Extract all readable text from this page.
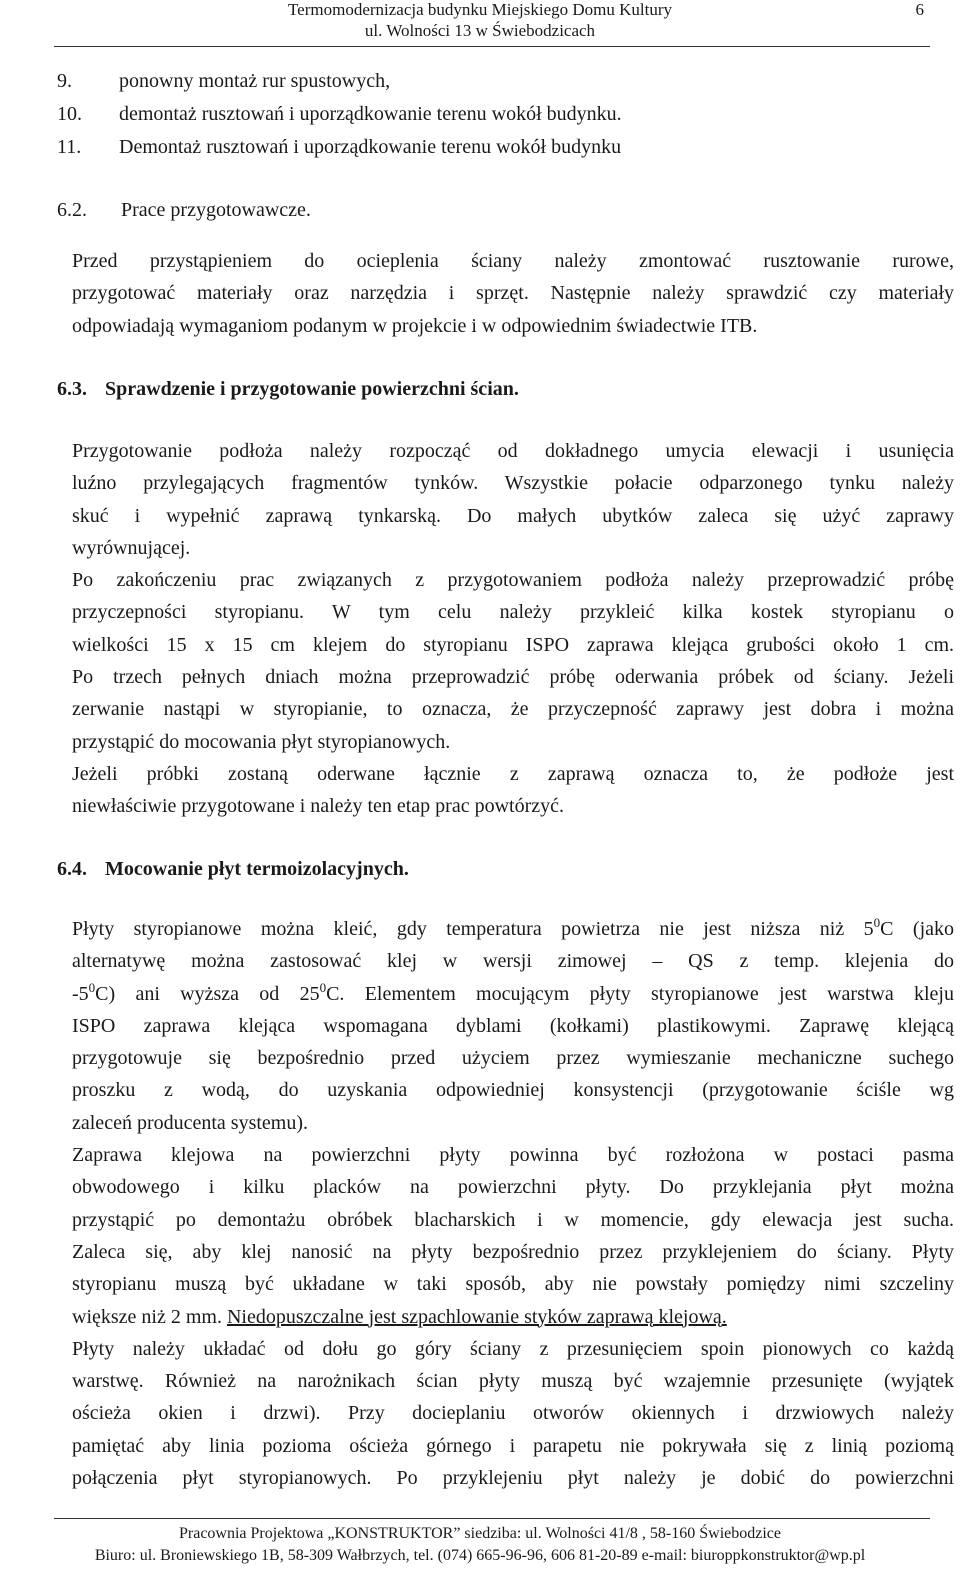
Termomodernizacja budynku Miejskiego Domu Kultury
ul. Wolności 13 w Świebodzicach
6
9. ponowny montaż rur spustowych,
10. demontaż rusztowań i uporządkowanie terenu wokół budynku.
11. Demontaż rusztowań i uporządkowanie terenu wokół budynku
6.2. Prace przygotowawcze.
Przed przystąpieniem do ocieplenia ściany należy zmontować rusztowanie rurowe,
przygotować materiały oraz narzędzia i sprzęt. Następnie należy sprawdzić czy materiały
odpowiadają wymaganiom podanym w projekcie i w odpowiednim świadectwie ITB.
6.3. Sprawdzenie i przygotowanie powierzchni ścian.
Przygotowanie podłoża należy rozpocząć od dokładnego umycia elewacji i usunięcia
luźno przylegających fragmentów tynków. Wszystkie połacie odparzonego tynku należy
skuć i wypełnić zaprawą tynkarską. Do małych ubytków zaleca się użyć zaprawy
wyrównującej.
Po zakończeniu prac związanych z przygotowaniem podłoża należy przeprowadzić próbę
przyczepności styropianu. W tym celu należy przykleić kilka kostek styropianu o
wielkości 15 x 15 cm klejem do styropianu ISPO zaprawa klejąca grubości około 1 cm.
Po trzech pełnych dniach można przeprowadzić próbę oderwania próbek od ściany. Jeżeli
zerwanie nastąpi w styropianie, to oznacza, że przyczepność zaprawy jest dobra i można
przystąpić do mocowania płyt styropianowych.
Jeżeli próbki zostaną oderwane łącznie z zaprawą oznacza to, że podłoże jest
niewłaściwie przygotowane i należy ten etap prac powtórzyć.
6.4. Mocowanie płyt termoizolacyjnych.
Płyty styropianowe można kleić, gdy temperatura powietrza nie jest niższa niż $5^0C$ (jako
alternatywę można zastosować klej w wersji zimowej – QS z temp. klejenia do
$-5^0C$) ani wyższa od $25^0C$. Elementem mocującym płyty styropianowe jest warstwa kleju
ISPO zaprawa klejąca wspomagana dyblami (kołkami) plastikowymi. Zaprawę klejącą
przygotowuje się bezpośrednio przed użyciem przez wymieszanie mechaniczne suchego
proszku z wodą, do uzyskania odpowiedniej konsystencji (przygotowanie ściśle wg
zaleceń producenta systemu).
Zaprawa klejowa na powierzchni płyty powinna być rozłożona w postaci pasma
obwodowego i kilku placków na powierzchni płyty. Do przyklejania płyt można
przystąpić po demontażu obróbek blacharskich i w momencie, gdy elewacja jest sucha.
Zaleca się, aby klej nanosić na płyty bezpośrednio przez przyklejeniem do ściany. Płyty
styropianu muszą być układane w taki sposób, aby nie powstały pomiędzy nimi szczeliny
większe niż 2 mm. Niedopuszczalne jest szpachlowanie styków zaprawą klejową.
Płyty należy układać od dołu go góry ściany z przesunięciem spoin pionowych co każdą
warstwę. Również na narożnikach ścian płyty muszą być wzajemnie przesunięte (wyjątek
ościeża okien i drzwi). Przy docieplaniu otworów okiennych i drzwiowych należy
pamiętać aby linia pozioma ościeża górnego i parapetu nie pokrywała się z linią poziomą
połączenia płyt styropianowych. Po przyklejeniu płyt należy je dobić do powierzchni
Pracownia Projektowa „KONSTRUKTOR” siedziba: ul. Wolności 41/8 , 58-160 Świebodzice
Biuro: ul. Broniewskiego 1B, 58-309 Wałbrzych, tel. (074) 665-96-96, 606 81-20-89 e-mail: biuroppkonstruktor@wp.pl
